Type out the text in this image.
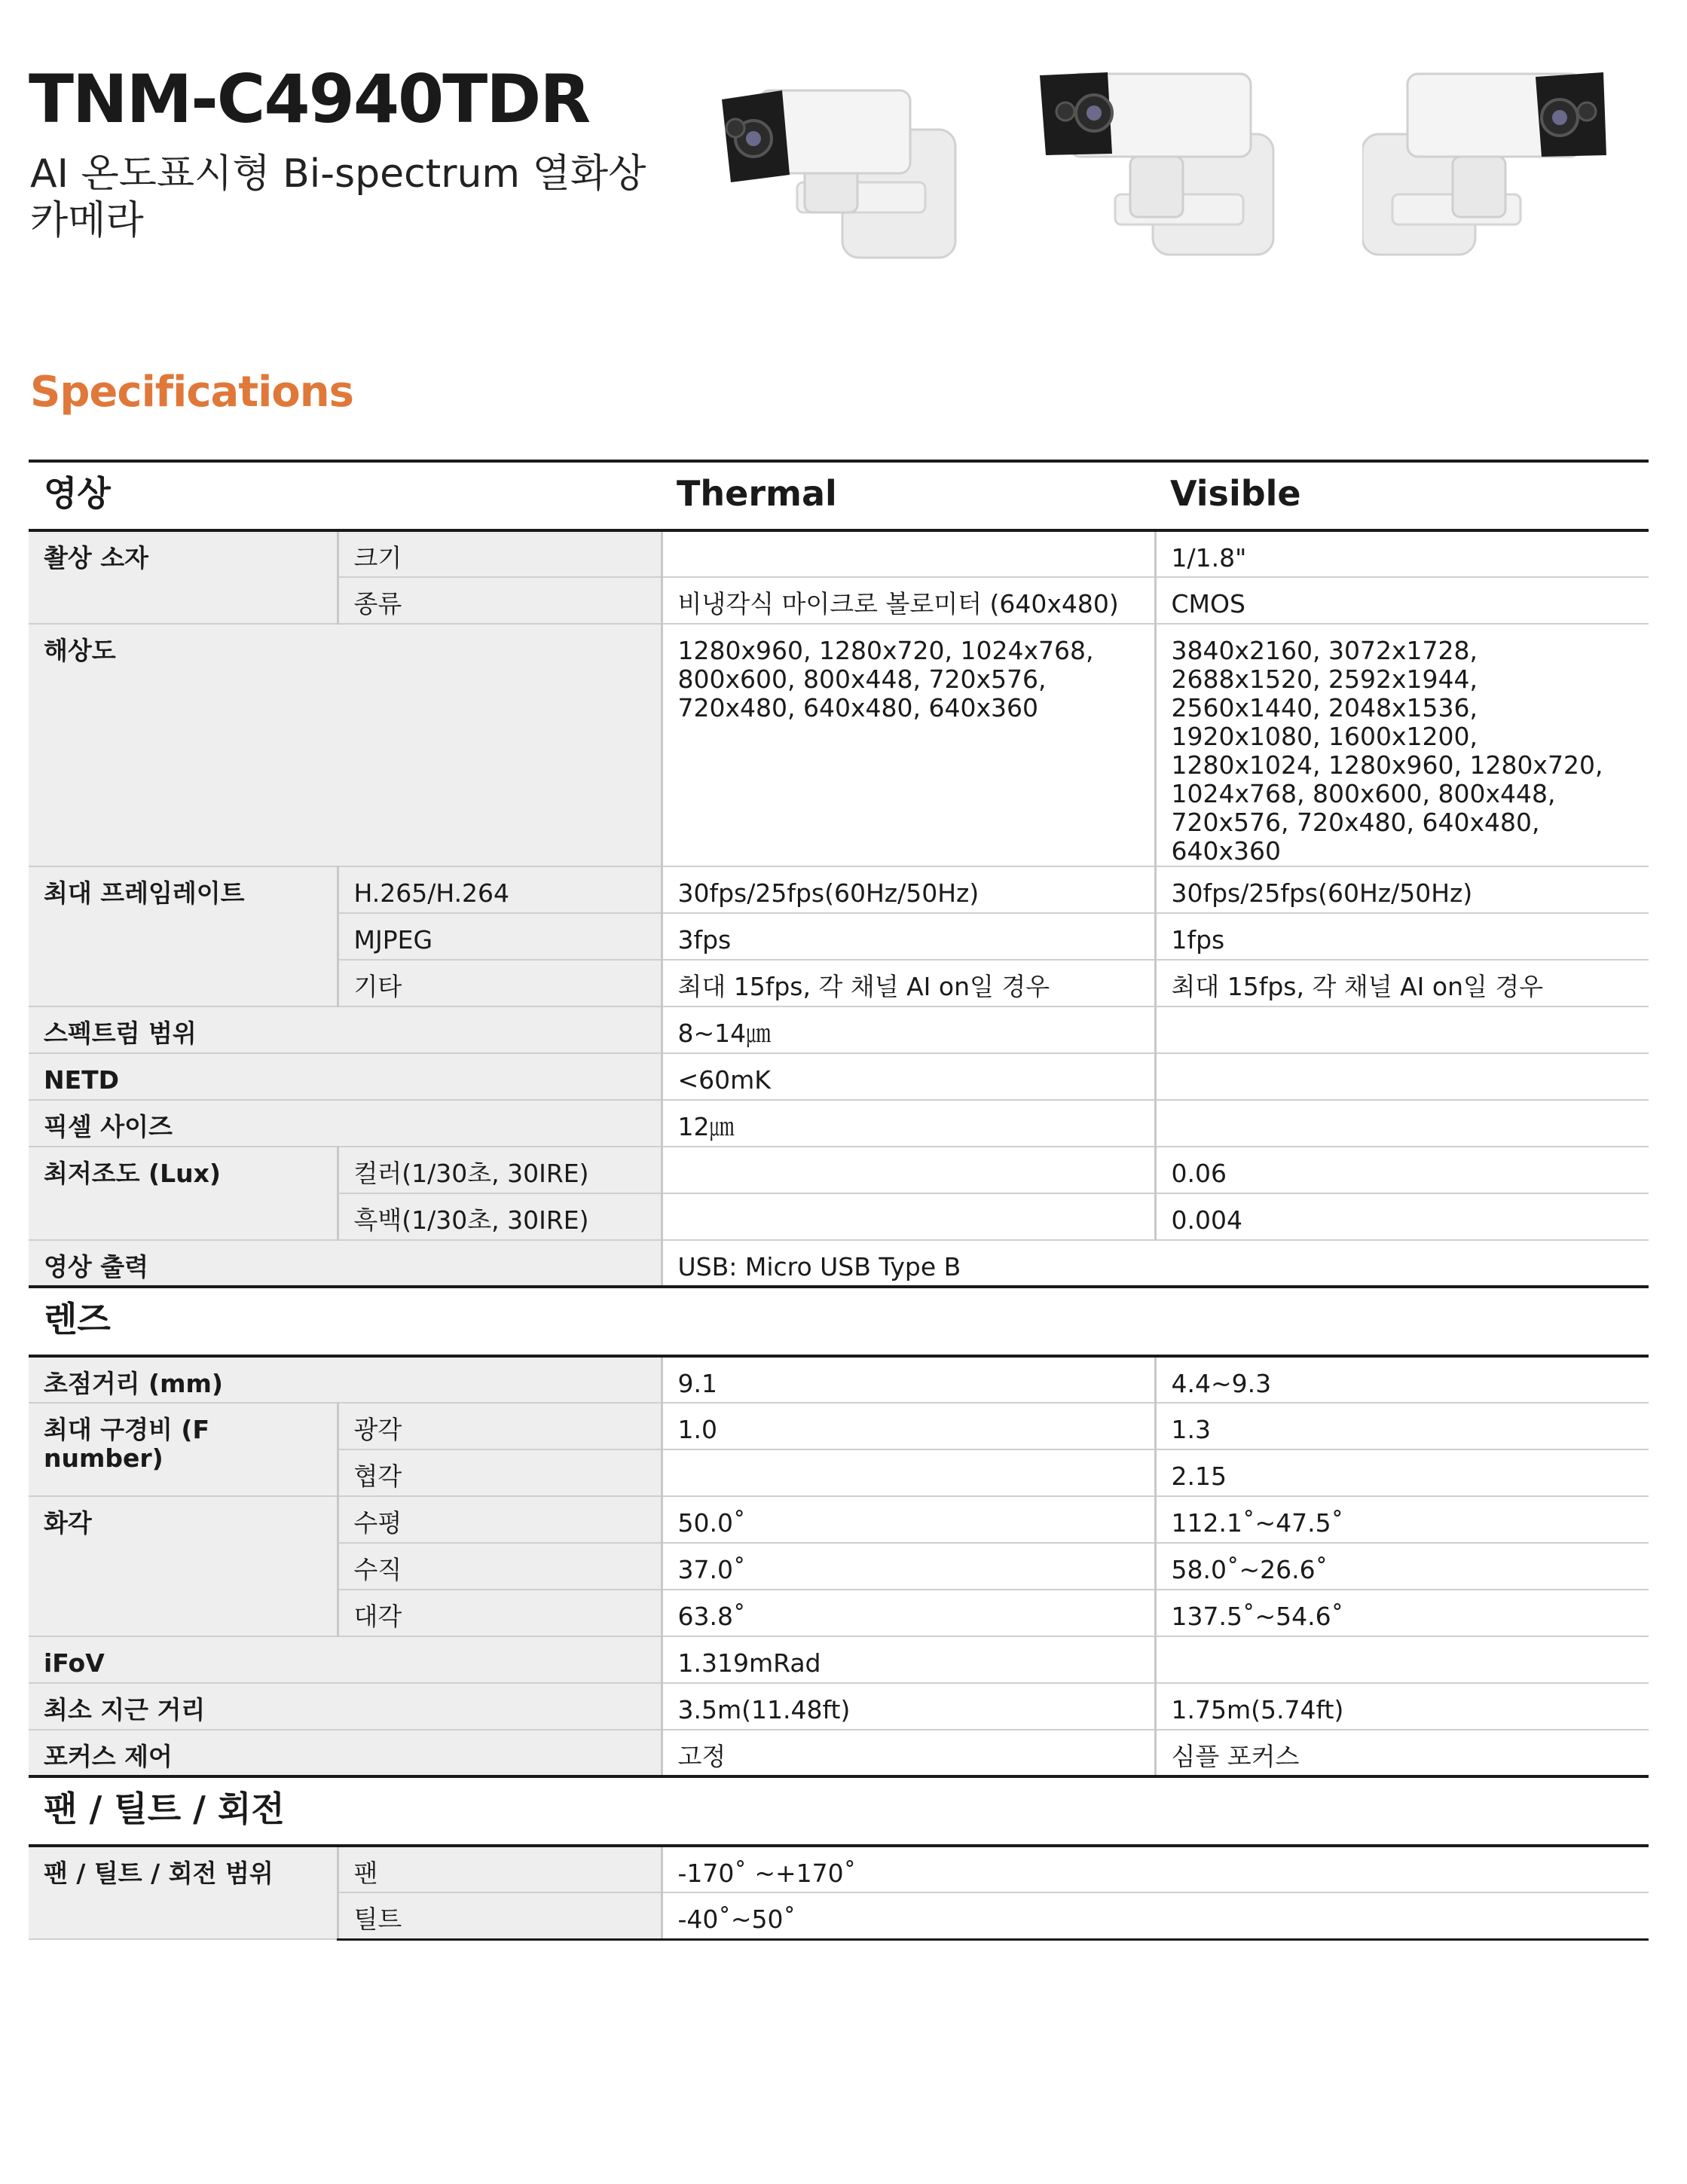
TNM-C4940TDR

AI 온도표시형 Bi-spectrum 열화상 카메라

Specifications
영상		Thermal	Visible
촬상 소자	크기		1/1.8"
	종류	비냉각식 마이크로 볼로미터 (640x480)	CMOS
해상도		1280x960, 1280x720, 1024x768, 800x600, 800x448, 720x576, 720x480, 640x480, 640x360	3840x2160, 3072x1728, 2688x1520, 2592x1944, 2560x1440, 2048x1536, 1920x1080, 1600x1200, 1280x1024, 1280x960, 1280x720, 1024x768, 800x600, 800x448, 720x576, 720x480, 640x480, 640x360
최대 프레임레이트	H.265/H.264	30fps/25fps(60Hz/50Hz)	30fps/25fps(60Hz/50Hz)
	MJPEG	3fps	1fps
	기타	최대 15fps, 각 채널 AI on일 경우	최대 15fps, 각 채널 AI on일 경우
스펙트럼 범위		8~14㎛	
NETD		<60mK	
픽셀 사이즈		12㎛	
최저조도 (Lux)	컬러(1/30초, 30IRE)		0.06
	흑백(1/30초, 30IRE)		0.004
영상 출력		USB: Micro USB Type B	
렌즈			
초점거리 (mm)		9.1	4.4~9.3
최대 구경비 (F number)	광각	1.0	1.3
	협각		2.15
화각	수평	50.0˚	112.1˚~47.5˚
	수직	37.0˚	58.0˚~26.6˚
	대각	63.8˚	137.5˚~54.6˚
iFoV		1.319mRad	
최소 지근 거리		3.5m(11.48ft)	1.75m(5.74ft)
포커스 제어		고정	심플 포커스
팬 / 틸트 / 회전			
팬 / 틸트 / 회전 범위	팬	-170˚ ~+170˚	
	틸트	-40˚~50˚	
